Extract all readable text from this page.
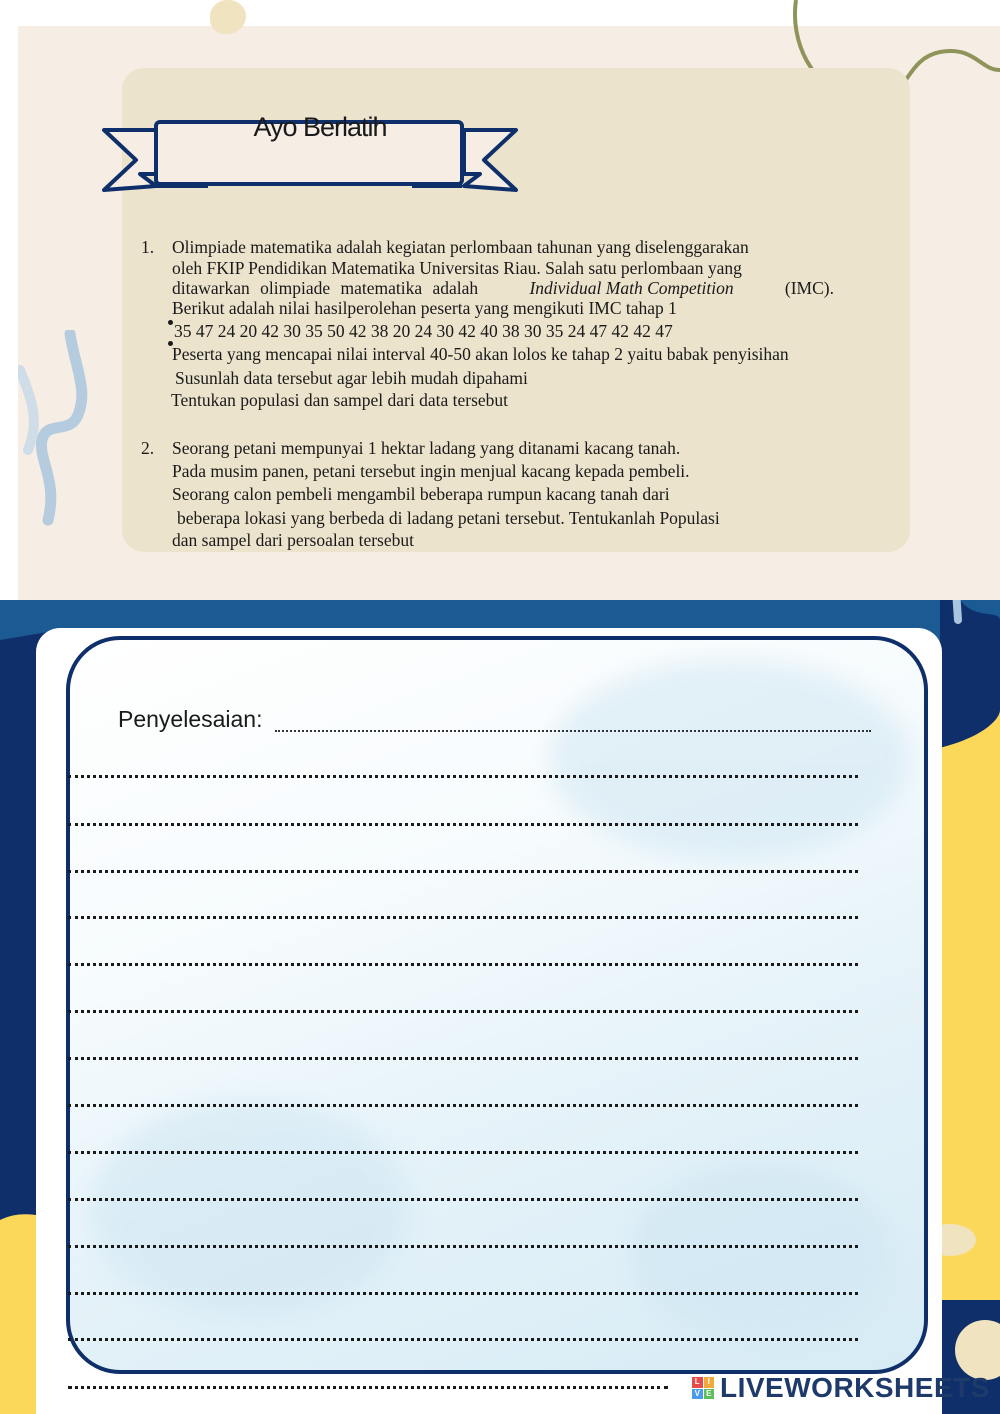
Ayo Berlatih
1. Olimpiade matematika adalah kegiatan perlombaan tahunan yang diselenggarakan
oleh FKIP Pendidikan Matematika Universitas Riau. Salah satu perlombaan yang
ditawarkan olimpiade matematika adalah	Individual Math Competition	(IMC).
Berikut adalah nilai hasilperolehan peserta yang mengikuti IMC tahap 1
35 47 24 20 42 30 35 50 42 38 20 24 30 42 40 38 30 35 24 47 42 42 47
Peserta yang mencapai nilai interval 40-50 akan lolos ke tahap 2 yaitu babak penyisihan
Susunlah data tersebut agar lebih mudah dipahami
Tentukan populasi dan sampel dari data tersebut
2. Seorang petani mempunyai 1 hektar ladang yang ditanami kacang tanah.
Pada musim panen, petani tersebut ingin menjual kacang kepada pembeli.
Seorang calon pembeli mengambil beberapa rumpun kacang tanah dari
beberapa lokasi yang berbeda di ladang petani tersebut. Tentukanlah Populasi
dan sampel dari persoalan tersebut
Penyelesaian:
L I
V E LIVEWORKSHEETS
